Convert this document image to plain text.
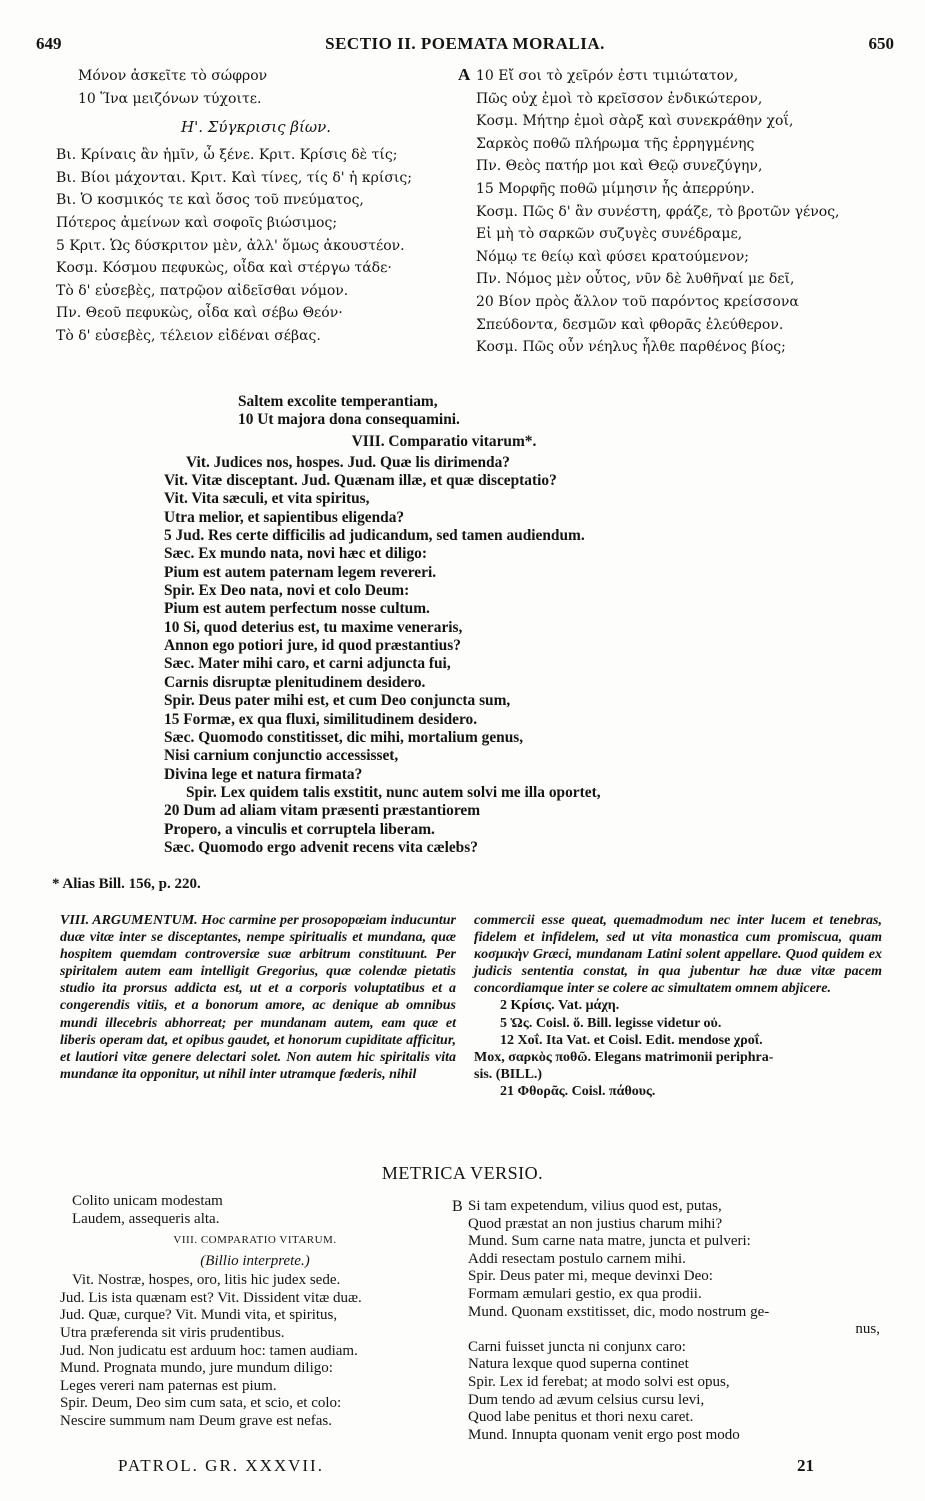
649	SECTIO II. POEMATA MORALIA.	650
Μόνον ἀσκεῖτε τὸ σώφρον
10 Ἵνα μειζόνων τύχοιτε.
Η'. Σύγκρισις βίων.
Βι. Κρίναις ἂν ἡμῖν, ὦ ξένε. Κριτ. Κρίσις δὲ τίς;
Βι. Βίοι μάχονται. Κριτ. Καὶ τίνες, τίς δ' ἡ κρίσις;
Βι. Ὁ κοσμικός τε καὶ ὅσος τοῦ πνεύματος,
Πότερος ἀμείνων καὶ σοφοῖς βιώσιμος;
5 Κριτ. Ὡς δύσκριτον μὲν, ἀλλ' ὅμως ἀκουστέον.
Κοσμ. Κόσμου πεφυκὼς, οἶδα καὶ στέργω τάδε·
Τὸ δ' εὐσεβὲς, πατρῷον αἰδεῖσθαι νόμον.
Πν. Θεοῦ πεφυκὼς, οἶδα καὶ σέβω Θεόν·
Τὸ δ' εὐσεβὲς, τέλειον εἰδέναι σέβας.
A 10 Εἴ σοι τὸ χεῖρόν ἐστι τιμιώτατον,
Πῶς οὐχ ἐμοὶ τὸ κρεῖσσον ἐνδικώτερον,
Κοσμ. Μήτηρ ἐμοὶ σὰρξ καὶ συνεκράθην χοΐ,
Σαρκὸς ποθῶ πλήρωμα τῆς ἐρρηγμένης
Πν. Θεὸς πατήρ μοι καὶ Θεῷ συνεζύγην,
15 Μορφῆς ποθῶ μίμησιν ἧς ἀπερρύην.
Κοσμ. Πῶς δ' ἂν συνέστη, φράζε, τὸ βροτῶν γένος,
Εἰ μὴ τὸ σαρκῶν συζυγὲς συνέδραμε,
Νόμῳ τε θείῳ καὶ φύσει κρατούμενον;
Πν. Νόμος μὲν οὗτος, νῦν δὲ λυθῆναί με δεῖ,
20 Βίον πρὸς ἄλλον τοῦ παρόντος κρείσσονα
Σπεύδοντα, δεσμῶν καὶ φθορᾶς ἐλεύθερον.
Κοσμ. Πῶς οὖν νέηλυς ἦλθε παρθένος βίος;
Saltem excolite temperantiam,
10 Ut majora dona consequamini.
VIII. Comparatio vitarum*.
Vit. Judices nos, hospes. Jud. Quæ lis dirimenda?
Vit. Vitæ disceptant. Jud. Quænam illæ, et quæ disceptatio?
Vit. Vita sæculi, et vita spiritus,
Utra melior, et sapientibus eligenda?
5 Jud. Res certe difficilis ad judicandum, sed tamen audiendum.
Sæc. Ex mundo nata, novi hæc et diligo:
Pium est autem paternam legem revereri.
Spir. Ex Deo nata, novi et colo Deum:
Pium est autem perfectum nosse cultum.
10 Si, quod deterius est, tu maxime veneraris,
Annon ego potiori jure, id quod præstantius?
Sæc. Mater mihi caro, et carni adjuncta fui,
Carnis disruptæ plenitudinem desidero.
Spir. Deus pater mihi est, et cum Deo conjuncta sum,
15 Formæ, ex qua fluxi, similitudinem desidero.
Sæc. Quomodo constitisset, dic mihi, mortalium genus,
Nisi carnium conjunctio accessisset,
Divina lege et natura firmata?
Spir. Lex quidem talis exstitit, nunc autem solvi me illa oportet,
20 Dum ad aliam vitam præsenti præstantiorem
Propero, a vinculis et corruptela liberam.
Sæc. Quomodo ergo advenit recens vita cælebs?
* Alias Bill. 156, p. 220.

VIII. ARGUMENTUM. Hoc carmine per prosopopœiam inducuntur duæ vitæ inter se disceptantes, nempe spiritualis et mundana, quæ hospitem quemdam controversiæ suæ arbitrum constituunt. Per spiritalem autem eam intelligit Gregorius, quæ colendæ pietatis studio ita prorsus addicta est, ut et a corporis voluptatibus et a congerendis vitiis, et a bonorum amore, ac denique ab omnibus mundi illecebris abhorreat; per mundanam autem, eam quæ et liberis operam dat, et opibus gaudet, et honorum cupiditate afficitur, et lautiori vitæ genere delectari solet. Non autem hic spiritalis vita mundanæ ita opponitur, ut nihil inter utramque fœderis, nihil

commercii esse queat, quemadmodum nec inter lucem et tenebras, fidelem et infidelem, sed ut vita monastica cum promiscua, quam κοσμικὴν Græci, mundanam Latini solent appellare. Quod quidem ex judicis sententia constat, in qua jubentur hæ duæ vitæ pacem concordiamque inter se colere ac simultatem omnem abjicere.
2 Κρίσις. Vat. μάχη.
5 Ὡς. Coisl. ὅ. Bill. legisse videtur οὐ.
12 Χοΐ. Ita Vat. et Coisl. Edit. mendose χροΐ.
Mox, σαρκὸς ποθῶ. Elegans matrimonii periphra-
sis. (BILL.)
21 Φθορᾶς. Coisl. πάθους.
METRICA VERSIO.
Colito unicam modestam
Laudem, assequeris alta.
VIII. COMPARATIO VITARUM.
(Billio interprete.)
Vit. Nostræ, hospes, oro, litis hic judex sede.
Jud. Lis ista quænam est? Vit. Dissident vitæ duæ.
Jud. Quæ, curque? Vit. Mundi vita, et spiritus,
Utra præferenda sit viris prudentibus.
Jud. Non judicatu est arduum hoc: tamen audiam.
Mund. Prognata mundo, jure mundum diligo:
Leges vereri nam paternas est pium.
Spir. Deum, Deo sim cum sata, et scio, et colo:
Nescire summum nam Deum grave est nefas.
B Si tam expetendum, vilius quod est, putas,
Quod præstat an non justius charum mihi?
Mund. Sum carne nata matre, juncta et pulveri:
Addi resectam postulo carnem mihi.
Spir. Deus pater mi, meque devinxi Deo:
Formam æmulari gestio, ex qua prodii.
Mund. Quonam exstitisset, dic, modo nostrum ge-
nus,
Carni fuisset juncta ni conjunx caro:
Natura lexque quod superna continet
Spir. Lex id ferebat; at modo solvi est opus,
Dum tendo ad ævum celsius cursu levi,
Quod labe penitus et thori nexu caret.
Mund. Innupta quonam venit ergo post modo
PATROL. GR. XXXVII.	21
